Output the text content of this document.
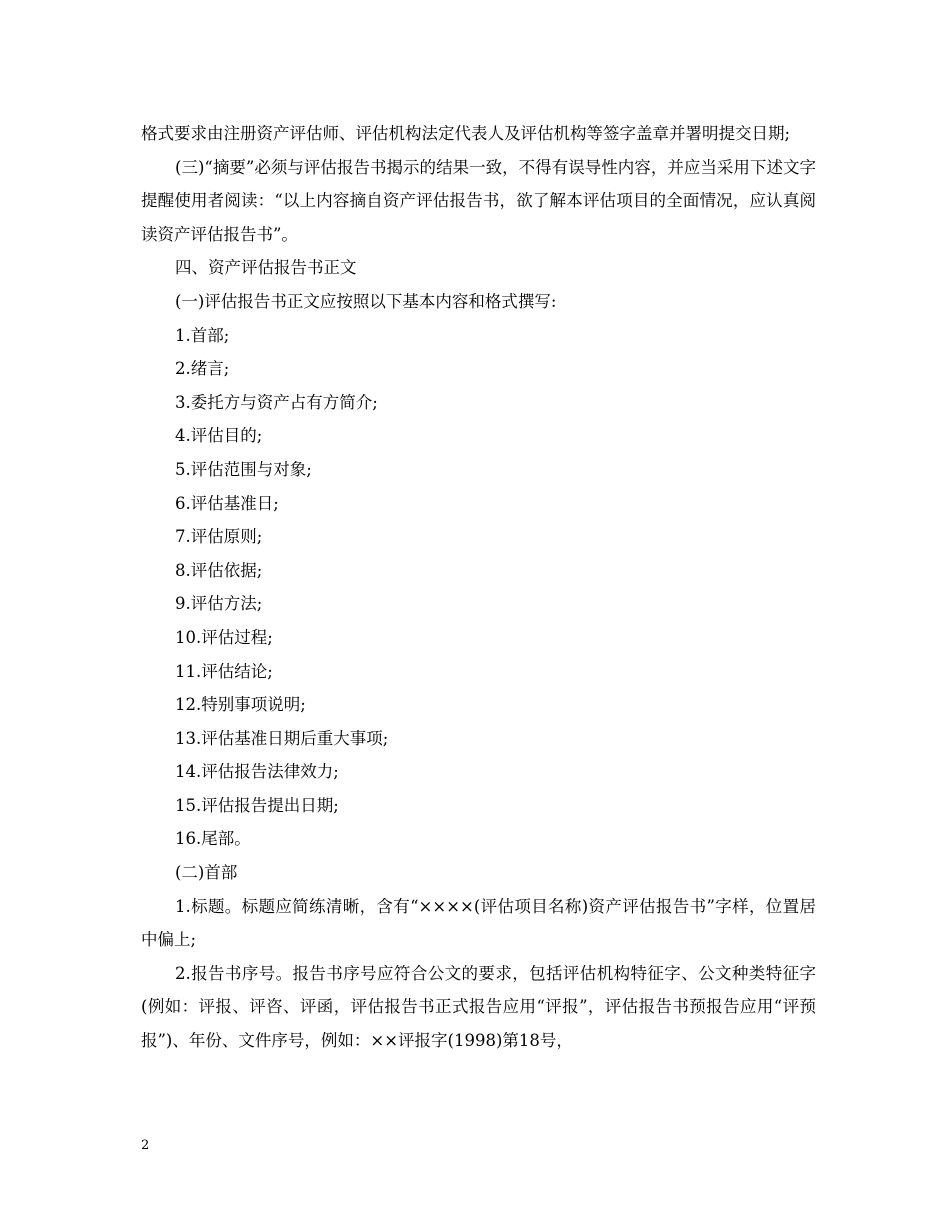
格式要求由注册资产评估师、评估机构法定代表人及评估机构等签字盖章并署明提交日期;

(三)“摘要”必须与评估报告书揭示的结果一致，不得有误导性内容，并应当采用下述文字提醒使用者阅读：“以上内容摘自资产评估报告书，欲了解本评估项目的全面情况，应认真阅读资产评估报告书”。

四、资产评估报告书正文

(一)评估报告书正文应按照以下基本内容和格式撰写:

1.首部;

2.绪言;

3.委托方与资产占有方简介;

4.评估目的;

5.评估范围与对象;

6.评估基准日;

7.评估原则;

8.评估依据;

9.评估方法;

10.评估过程;

11.评估结论;

12.特别事项说明;

13.评估基准日期后重大事项;

14.评估报告法律效力;

15.评估报告提出日期;

16.尾部。

(二)首部

1.标题。标题应简练清晰，含有“××××(评估项目名称)资产评估报告书”字样，位置居中偏上;

2.报告书序号。报告书序号应符合公文的要求，包括评估机构特征字、公文种类特征字(例如：评报、评咨、评函，评估报告书正式报告应用“评报”，评估报告书预报告应用“评预报”)、年份、文件序号，例如：××评报字(1998)第18号，

2
